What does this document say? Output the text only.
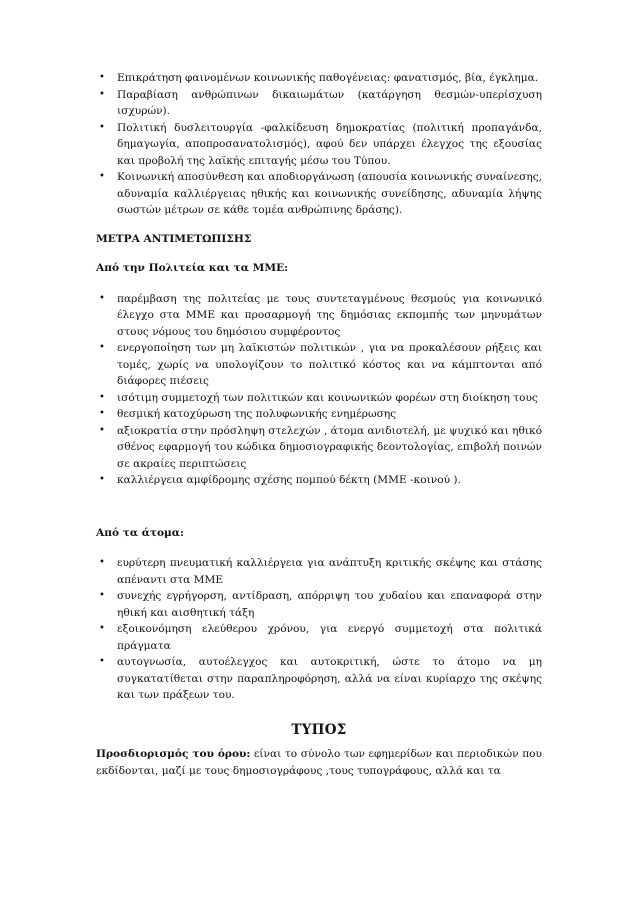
• Επικράτηση φαινομένων κοινωνικής παθογένειας: φανατισμός, βία, έγκλημα.
• Παραβίαση ανθρώπινων δικαιωμάτων (κατάργηση θεσμών-υπερίσχυση ισχυρών).
• Πολιτική δυσλειτουργία -φαλκίδευση δημοκρατίας (πολιτική προπαγάνδα, δημαγωγία, αποπροσανατολισμός), αφού δεν υπάρχει έλεγχος της εξουσίας και προβολή της λαϊκής επιταγής μέσω του Τύπου.
• Κοινωνική αποσύνθεση και αποδιοργάνωση (απουσία κοινωνικής συναίνεσης, αδυναμία καλλιέργειας ηθικής και κοινωνικής συνείδησης, αδυναμία λήψης σωστών μέτρων σε κάθε τομέα ανθρώπινης δράσης).

ΜΕΤΡΑ ΑΝΤΙΜΕΤΩΠΙΣΗΣ

Από την Πολιτεία και τα ΜΜΕ:

• παρέμβαση της πολιτείας με τους συντεταγμένους θεσμούς για κοινωνικό έλεγχο στα ΜΜΕ και προσαρμογή της δημόσιας εκπομπής των μηνυμάτων στους νόμους του δημόσιου συμφέροντος
• ενεργοποίηση των μη λαϊκιστών πολιτικών , για να προκαλέσουν ρήξεις και τομές, χωρίς να υπολογίζουν το πολιτικό κόστος και να κάμπτονται από διάφορες πιέσεις
• ισότιμη συμμετοχή των πολιτικών και κοινωνικών φορέων στη διοίκηση τους
• θεσμική κατοχύρωση της πολυφωνικής ενημέρωσης
• αξιοκρατία στην πρόσληψη στελεχών , άτομα ανιδιοτελή, με ψυχικό και ηθικό σθένος εφαρμογή του κώδικα δημοσιογραφικής δεοντολογίας, επιβολή ποινών σε ακραίες περιπτώσεις
• καλλιέργεια αμφίδρομης σχέσης πομπού δέκτη (ΜΜΕ -κοινού ).

Από τα άτομα:

• ευρύτερη πνευματική καλλιέργεια για ανάπτυξη κριτικής σκέψης και στάσης απέναντι στα ΜΜΕ
• συνεχής εγρήγορση, αντίδραση, απόρριψη του χυδαίου και επαναφορά στην ηθική και αισθητική τάξη
• εξοικονόμηση ελεύθερου χρόνου, για ενεργό συμμετοχή στα πολιτικά πράγματα
• αυτογνωσία, αυτοέλεγχος και αυτοκριτική, ώστε το άτομο να μη συγκατατίθεται στην παραπληροφόρηση, αλλά να είναι κυρίαρχο της σκέψης και των πράξεων του.

ΤΥΠΟΣ

Προσδιορισμός του όρου: είναι το σύνολο των εφημερίδων και περιοδικών που εκδίδονται, μαζί με τους δημοσιογράφους ,τους τυπογράφους, αλλά και τα
